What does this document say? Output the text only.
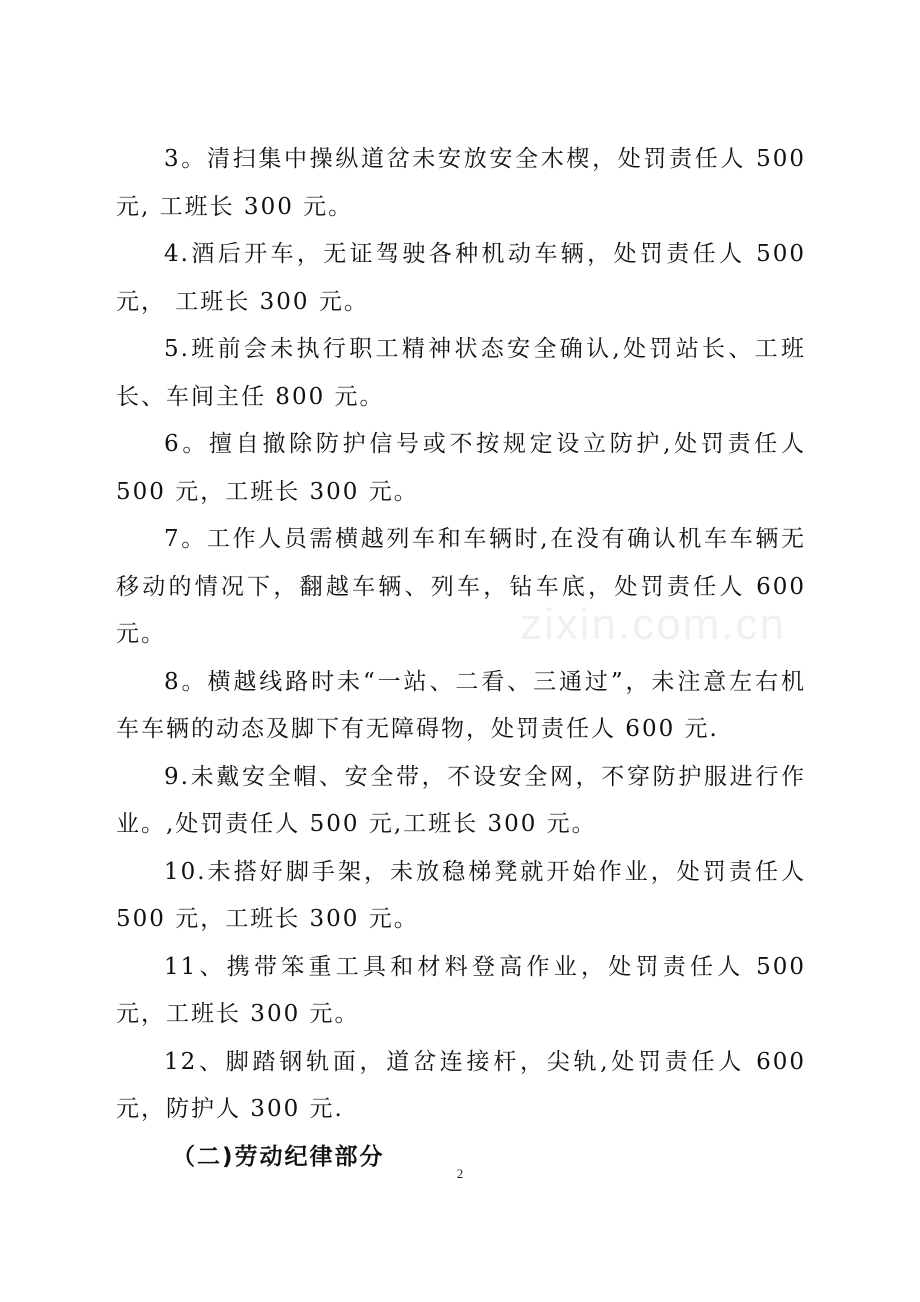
3。清扫集中操纵道岔未安放安全木楔，处罚责任人 500 元, 工班长 300 元。

4.酒后开车，无证驾驶各种机动车辆，处罚责任人 500 元， 工班长 300 元。

5.班前会未执行职工精神状态安全确认,处罚站长、工班长、车间主任 800 元。

6。擅自撤除防护信号或不按规定设立防护,处罚责任人 500 元，工班长 300 元。

7。工作人员需横越列车和车辆时,在没有确认机车车辆无移动的情况下，翻越车辆、列车，钻车底，处罚责任人 600 元。

8。横越线路时未“一站、二看、三通过”，未注意左右机车车辆的动态及脚下有无障碍物，处罚责任人 600 元.

9.未戴安全帽、安全带，不设安全网，不穿防护服进行作业。,处罚责任人 500 元,工班长 300 元。

10.未搭好脚手架，未放稳梯凳就开始作业，处罚责任人 500 元，工班长 300 元。

11、携带笨重工具和材料登高作业，处罚责任人 500 元，工班长 300 元。

12、脚踏钢轨面，道岔连接杆，尖轨,处罚责任人 600 元，防护人 300 元.

（二)劳动纪律部分

zixin.com.cn
2
